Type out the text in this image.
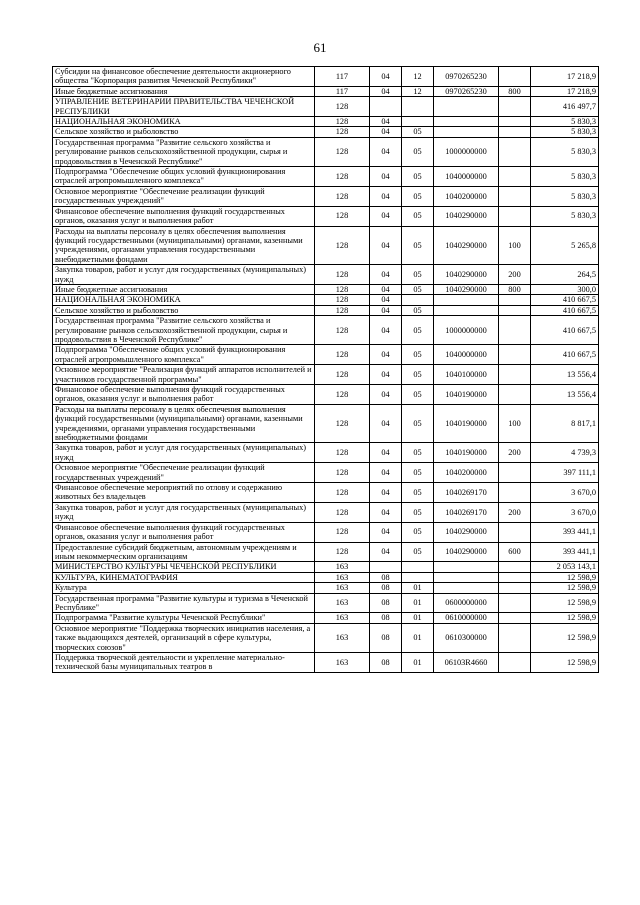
61
Субсидии на финансовое обеспечение деятельности акционерного общества "Корпорация развития Чеченской Республики"	117	04	12	0970265230		17 218,9
Иные бюджетные ассигнования	117	04	12	0970265230	800	17 218,9
УПРАВЛЕНИЕ ВЕТЕРИНАРИИ ПРАВИТЕЛЬСТВА ЧЕЧЕНСКОЙ РЕСПУБЛИКИ	128					416 497,7
НАЦИОНАЛЬНАЯ ЭКОНОМИКА	128	04				5 830,3
Сельское хозяйство и рыболовство	128	04	05			5 830,3
Государственная программа "Развитие сельского хозяйства и регулирование рынков сельскохозяйственной продукции, сырья и продовольствия в Чеченской Республике"	128	04	05	1000000000		5 830,3
Подпрограмма "Обеспечение общих условий функционирования отраслей агропромышленного комплекса"	128	04	05	1040000000		5 830,3
Основное мероприятие "Обеспечение реализации функций государственных учреждений"	128	04	05	1040200000		5 830,3
Финансовое обеспечение выполнения функций государственных органов, оказания услуг и выполнения работ	128	04	05	1040290000		5 830,3
Расходы на выплаты персоналу в целях обеспечения выполнения функций государственными (муниципальными) органами, казенными учреждениями, органами управления государственными внебюджетными фондами	128	04	05	1040290000	100	5 265,8
Закупка товаров, работ и услуг для государственных (муниципальных) нужд	128	04	05	1040290000	200	264,5
Иные бюджетные ассигнования	128	04	05	1040290000	800	300,0
НАЦИОНАЛЬНАЯ ЭКОНОМИКА	128	04				410 667,5
Сельское хозяйство и рыболовство	128	04	05			410 667,5
Государственная программа "Развитие сельского хозяйства и регулирование рынков сельскохозяйственной продукции, сырья и продовольствия в Чеченской Республике"	128	04	05	1000000000		410 667,5
Подпрограмма "Обеспечение общих условий функционирования отраслей агропромышленного комплекса"	128	04	05	1040000000		410 667,5
Основное мероприятие "Реализация функций аппаратов исполнителей и участников государственной программы"	128	04	05	1040100000		13 556,4
Финансовое обеспечение выполнения функций государственных органов, оказания услуг и выполнения работ	128	04	05	1040190000		13 556,4
Расходы на выплаты персоналу в целях обеспечения выполнения функций государственными (муниципальными) органами, казенными учреждениями, органами управления государственными внебюджетными фондами	128	04	05	1040190000	100	8 817,1
Закупка товаров, работ и услуг для государственных (муниципальных) нужд	128	04	05	1040190000	200	4 739,3
Основное мероприятие "Обеспечение реализации функций государственных учреждений"	128	04	05	1040200000		397 111,1
Финансовое обеспечение мероприятий по отлову и содержанию животных без владельцев	128	04	05	1040269170		3 670,0
Закупка товаров, работ и услуг для государственных (муниципальных) нужд	128	04	05	1040269170	200	3 670,0
Финансовое обеспечение выполнения функций государственных органов, оказания услуг и выполнения работ	128	04	05	1040290000		393 441,1
Предоставление субсидий бюджетным, автономным учреждениям и иным некоммерческим организациям	128	04	05	1040290000	600	393 441,1
МИНИСТЕРСТВО КУЛЬТУРЫ ЧЕЧЕНСКОЙ РЕСПУБЛИКИ	163					2 053 143,1
КУЛЬТУРА, КИНЕМАТОГРАФИЯ	163	08				12 598,9
Культура	163	08	01			12 598,9
Государственная программа "Развитие культуры и туризма в Чеченской Республике"	163	08	01	0600000000		12 598,9
Подпрограмма "Развитие культуры Чеченской Республики"	163	08	01	0610000000		12 598,9
Основное мероприятие "Поддержка творческих инициатив населения, а также выдающихся деятелей, организаций в сфере культуры, творческих союзов"	163	08	01	0610300000		12 598,9
Поддержка творческой деятельности и укрепление материально-технической базы муниципальных театров в	163	08	01	06103R4660		12 598,9
